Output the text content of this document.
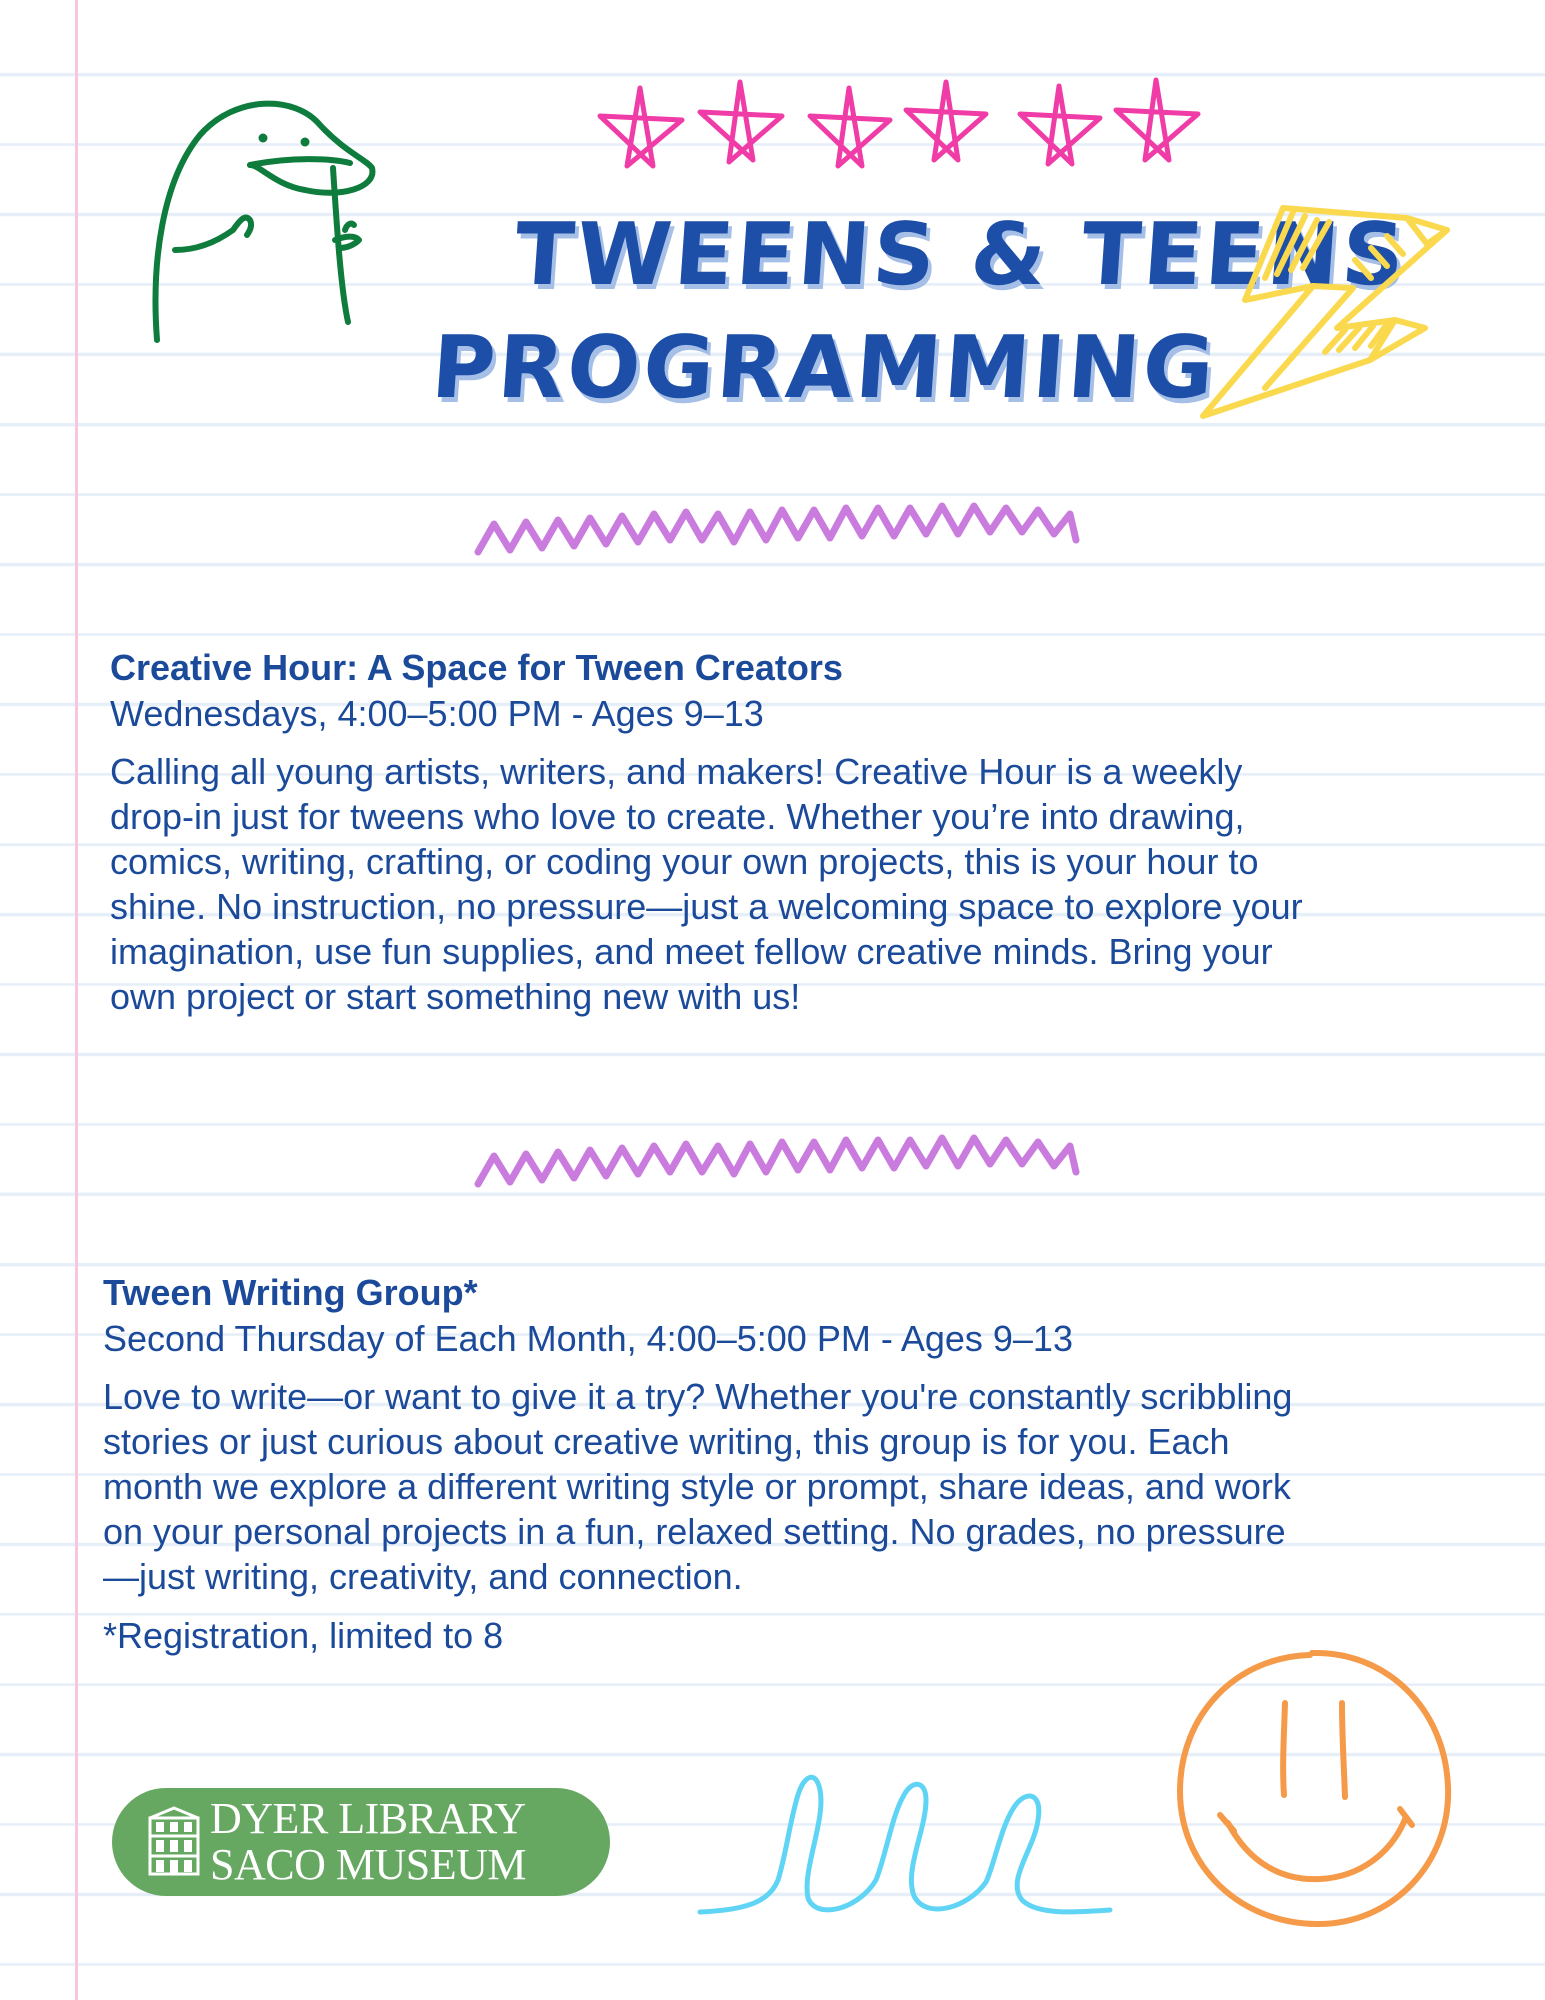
TWEENS & TEENS
PROGRAMMING
Creative Hour: A Space for Tween Creators
Wednesdays, 4:00–5:00 PM - Ages 9–13

Calling all young artists, writers, and makers! Creative Hour is a weekly
drop-in just for tweens who love to create. Whether you’re into drawing,
comics, writing, crafting, or coding your own projects, this is your hour to
shine. No instruction, no pressure—just a welcoming space to explore your
imagination, use fun supplies, and meet fellow creative minds. Bring your
own project or start something new with us!

Tween Writing Group*
Second Thursday of Each Month, 4:00–5:00 PM - Ages 9–13

Love to write—or want to give it a try? Whether you're constantly scribbling
stories or just curious about creative writing, this group is for you. Each
month we explore a different writing style or prompt, share ideas, and work
on your personal projects in a fun, relaxed setting. No grades, no pressure
—just writing, creativity, and connection.

*Registration, limited to 8

DYER LIBRARY
SACO MUSEUM
